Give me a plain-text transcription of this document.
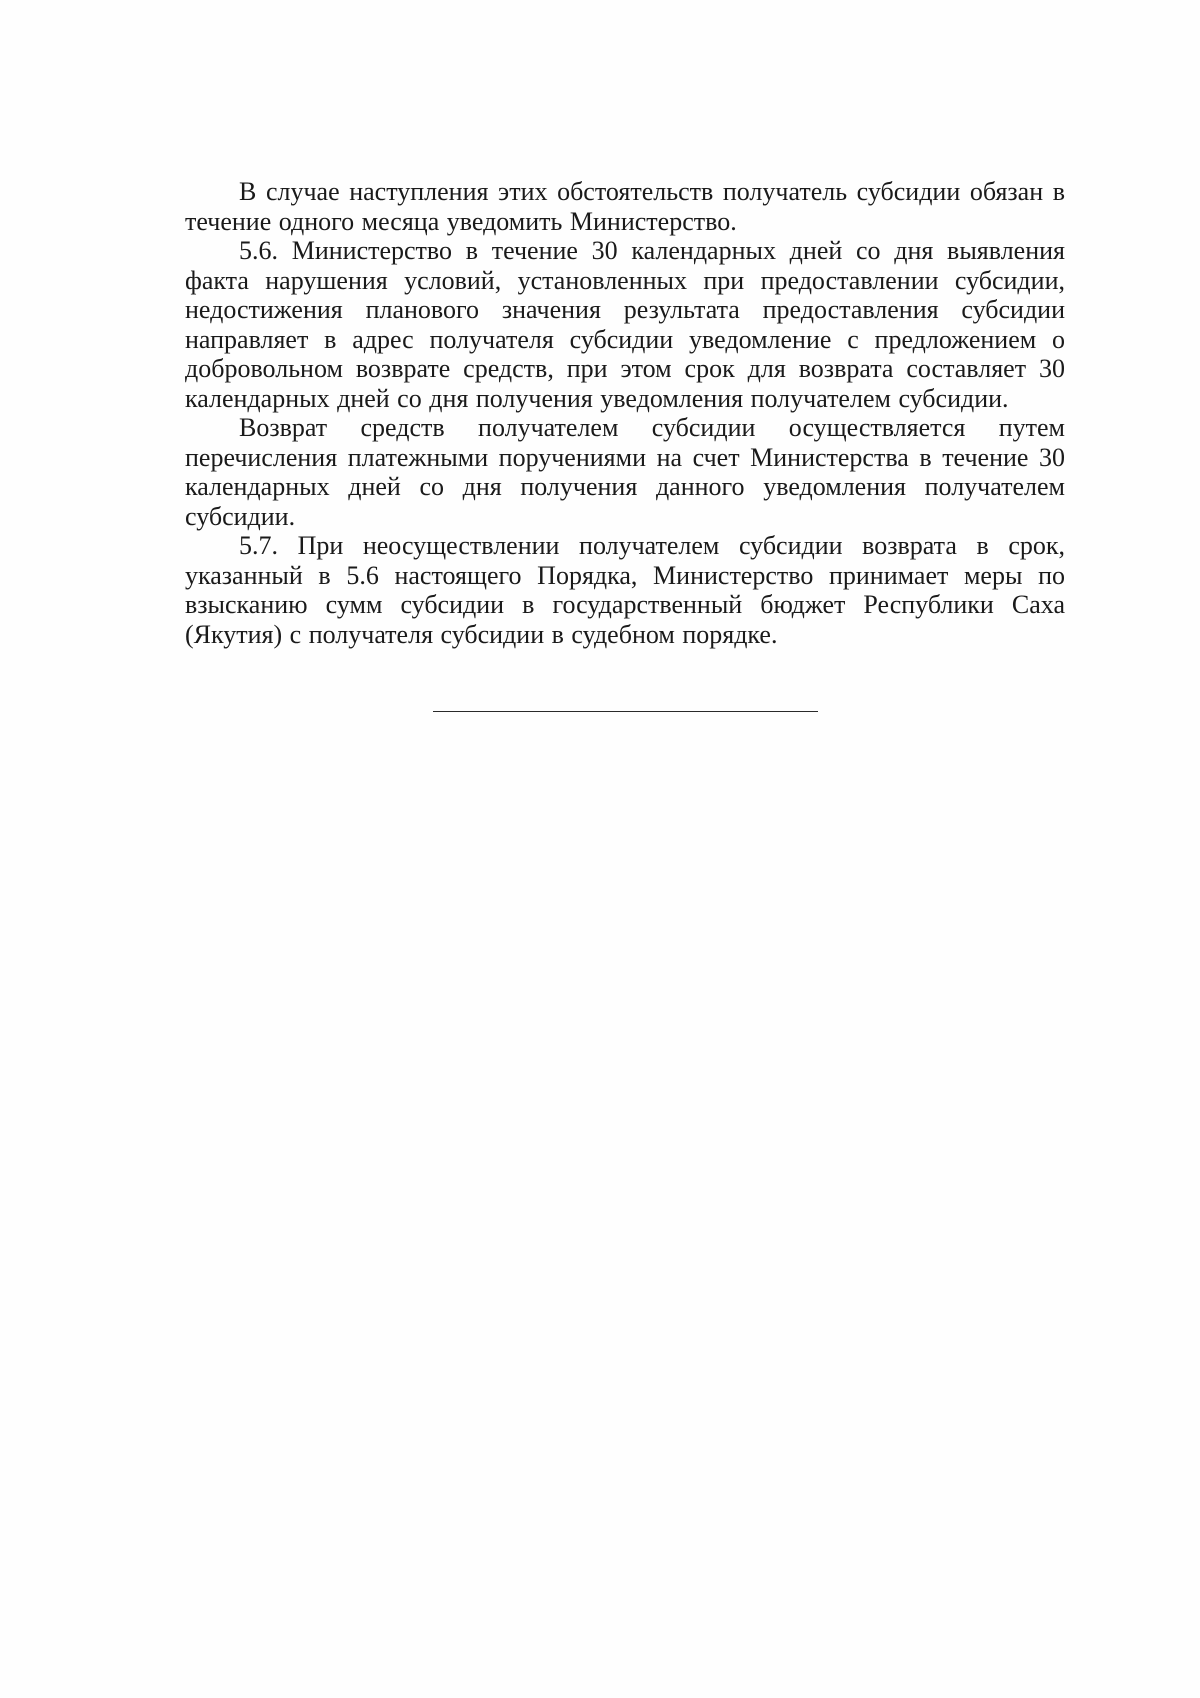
В случае наступления этих обстоятельств получатель субсидии обязан в течение одного месяца уведомить Министерство.

5.6. Министерство в течение 30 календарных дней со дня выявления факта нарушения условий, установленных при предоставлении субсидии, недостижения планового значения результата предоставления субсидии направляет в адрес получателя субсидии уведомление с предложением о добровольном возврате средств, при этом срок для возврата составляет 30 календарных дней со дня получения уведомления получателем субсидии.

Возврат средств получателем субсидии осуществляется путем перечисления платежными поручениями на счет Министерства в течение 30 календарных дней со дня получения данного уведомления получателем субсидии.

5.7. При неосуществлении получателем субсидии возврата в срок, указанный в 5.6 настоящего Порядка, Министерство принимает меры по взысканию сумм субсидии в государственный бюджет Республики Саха (Якутия) с получателя субсидии в судебном порядке.
